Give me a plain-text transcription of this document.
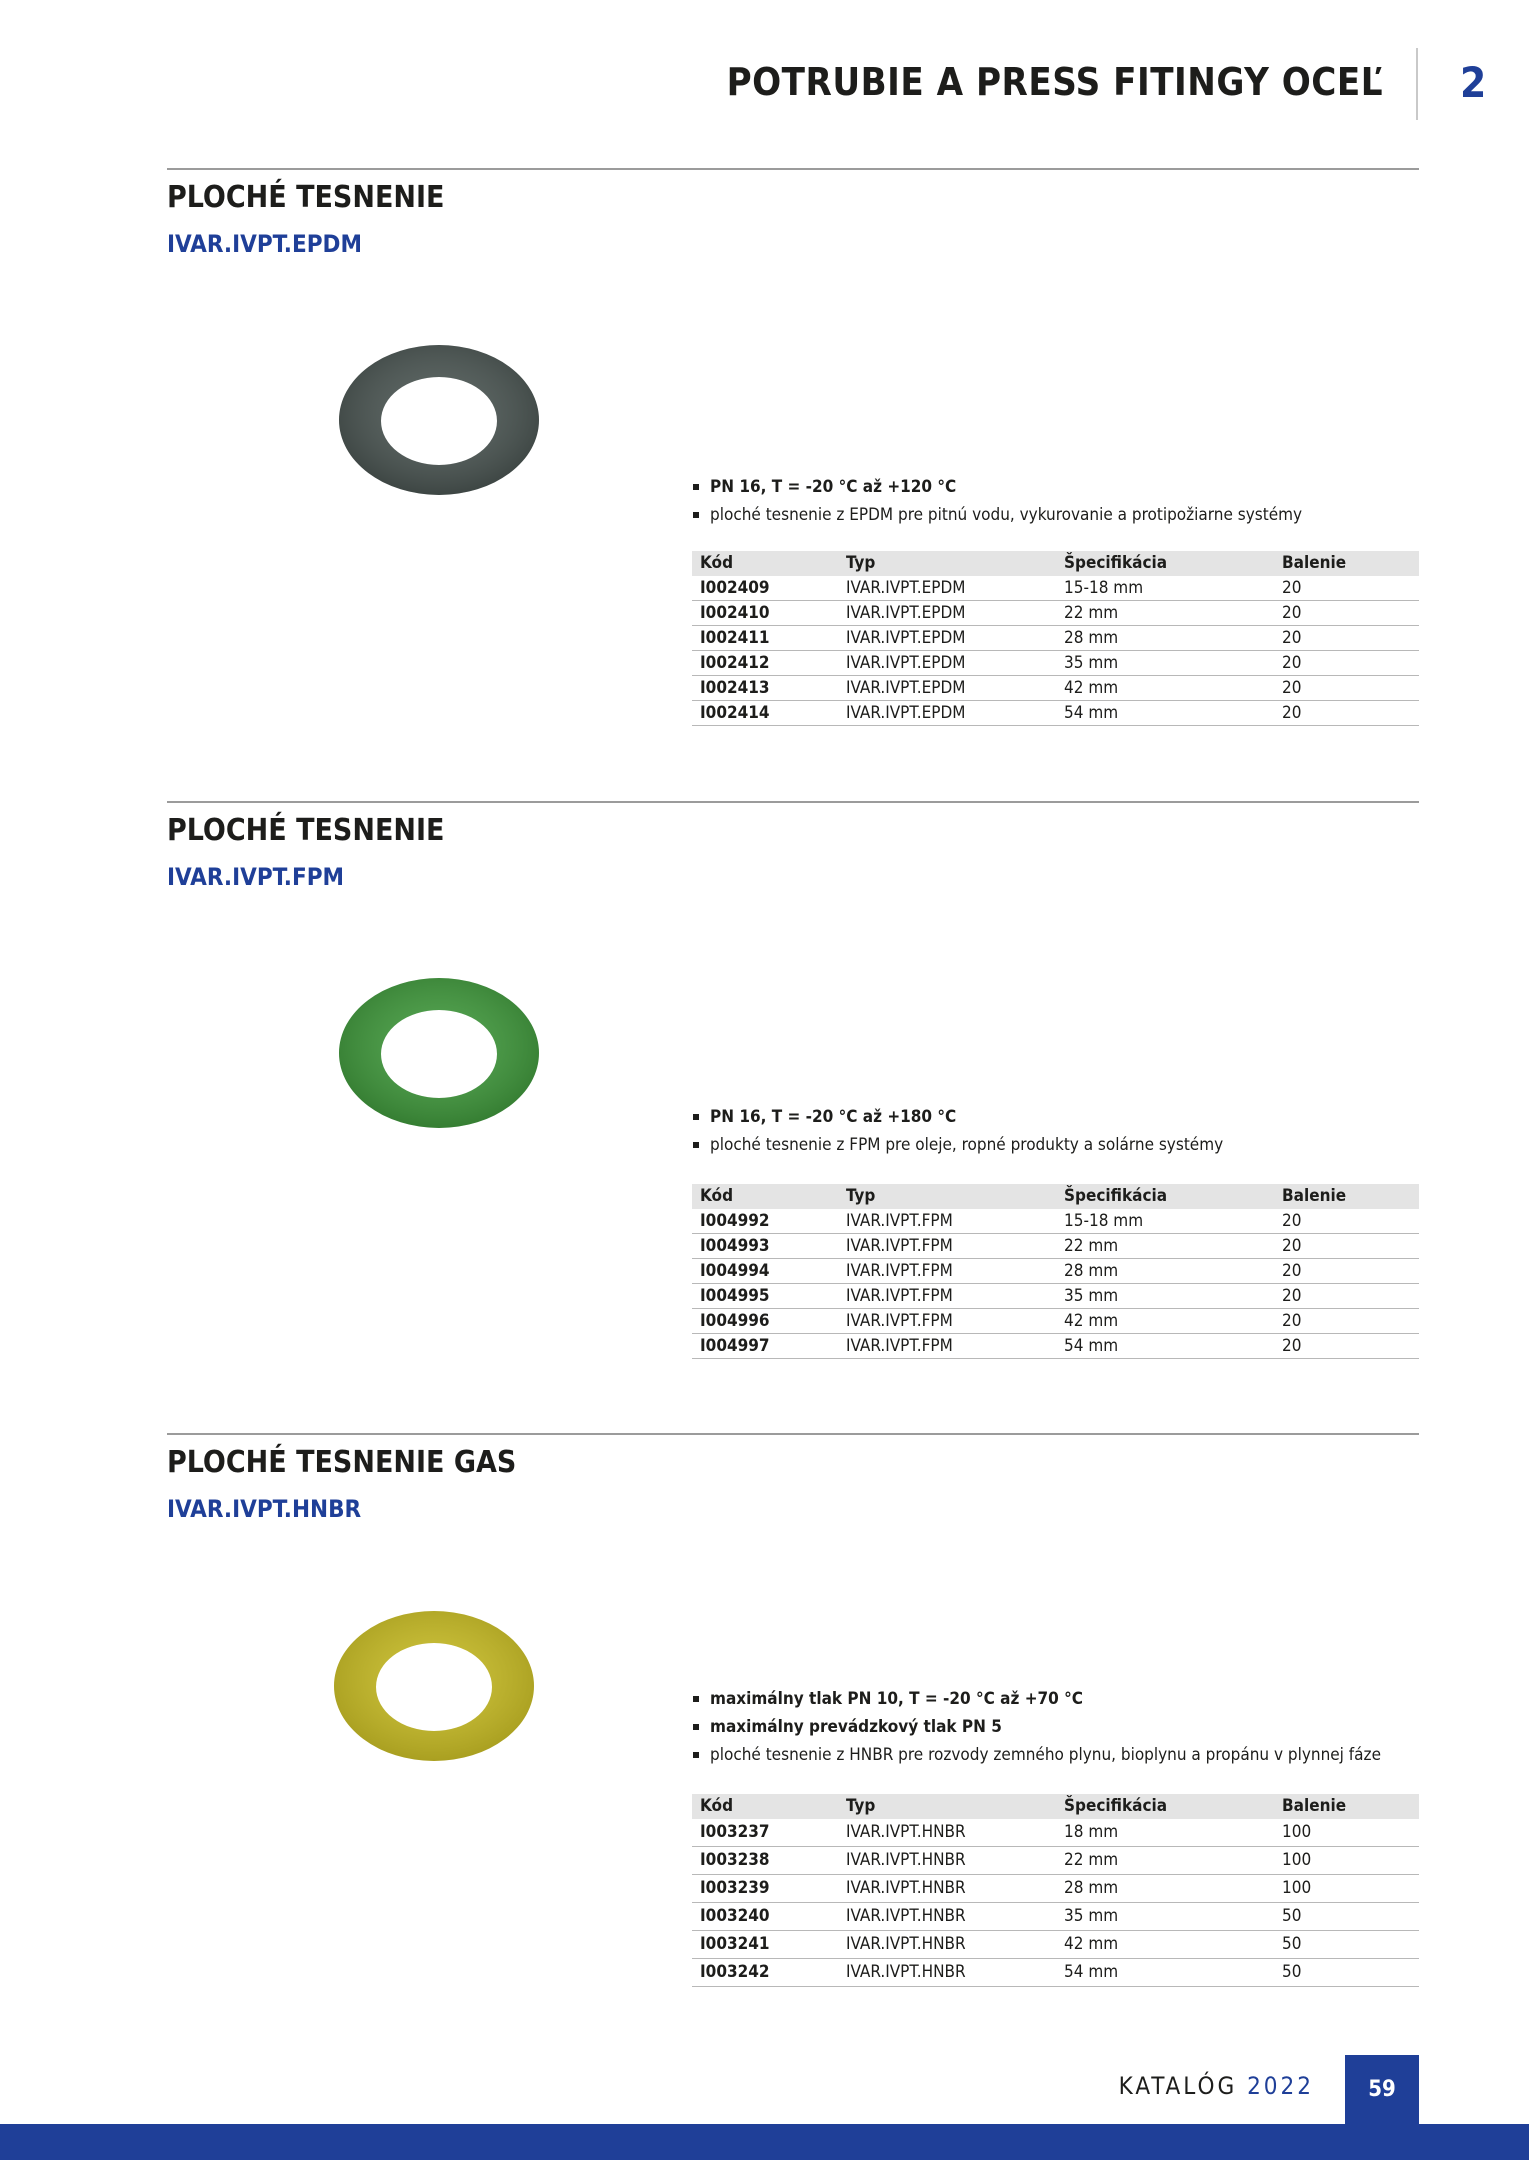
POTRUBIE A PRESS FITINGY OCEĽ 2
PLOCHÉ TESNENIE
IVAR.IVPT.EPDM
PN 16, T = -20 °C až +120 °C
ploché tesnenie z EPDM pre pitnú vodu, vykurovanie a protipožiarne systémy
Kód	Typ	Špecifikácia	Balenie
I002409	IVAR.IVPT.EPDM	15-18 mm	20
I002410	IVAR.IVPT.EPDM	22 mm	20
I002411	IVAR.IVPT.EPDM	28 mm	20
I002412	IVAR.IVPT.EPDM	35 mm	20
I002413	IVAR.IVPT.EPDM	42 mm	20
I002414	IVAR.IVPT.EPDM	54 mm	20
PLOCHÉ TESNENIE
IVAR.IVPT.FPM
PN 16, T = -20 °C až +180 °C
ploché tesnenie z FPM pre oleje, ropné produkty a solárne systémy
Kód	Typ	Špecifikácia	Balenie
I004992	IVAR.IVPT.FPM	15-18 mm	20
I004993	IVAR.IVPT.FPM	22 mm	20
I004994	IVAR.IVPT.FPM	28 mm	20
I004995	IVAR.IVPT.FPM	35 mm	20
I004996	IVAR.IVPT.FPM	42 mm	20
I004997	IVAR.IVPT.FPM	54 mm	20
PLOCHÉ TESNENIE GAS
IVAR.IVPT.HNBR
maximálny tlak PN 10, T = -20 °C až +70 °C
maximálny prevádzkový tlak PN 5
ploché tesnenie z HNBR pre rozvody zemného plynu, bioplynu a propánu v plynnej fáze
Kód	Typ	Špecifikácia	Balenie
I003237	IVAR.IVPT.HNBR	18 mm	100
I003238	IVAR.IVPT.HNBR	22 mm	100
I003239	IVAR.IVPT.HNBR	28 mm	100
I003240	IVAR.IVPT.HNBR	35 mm	50
I003241	IVAR.IVPT.HNBR	42 mm	50
I003242	IVAR.IVPT.HNBR	54 mm	50
KATALÓG 2022	59
